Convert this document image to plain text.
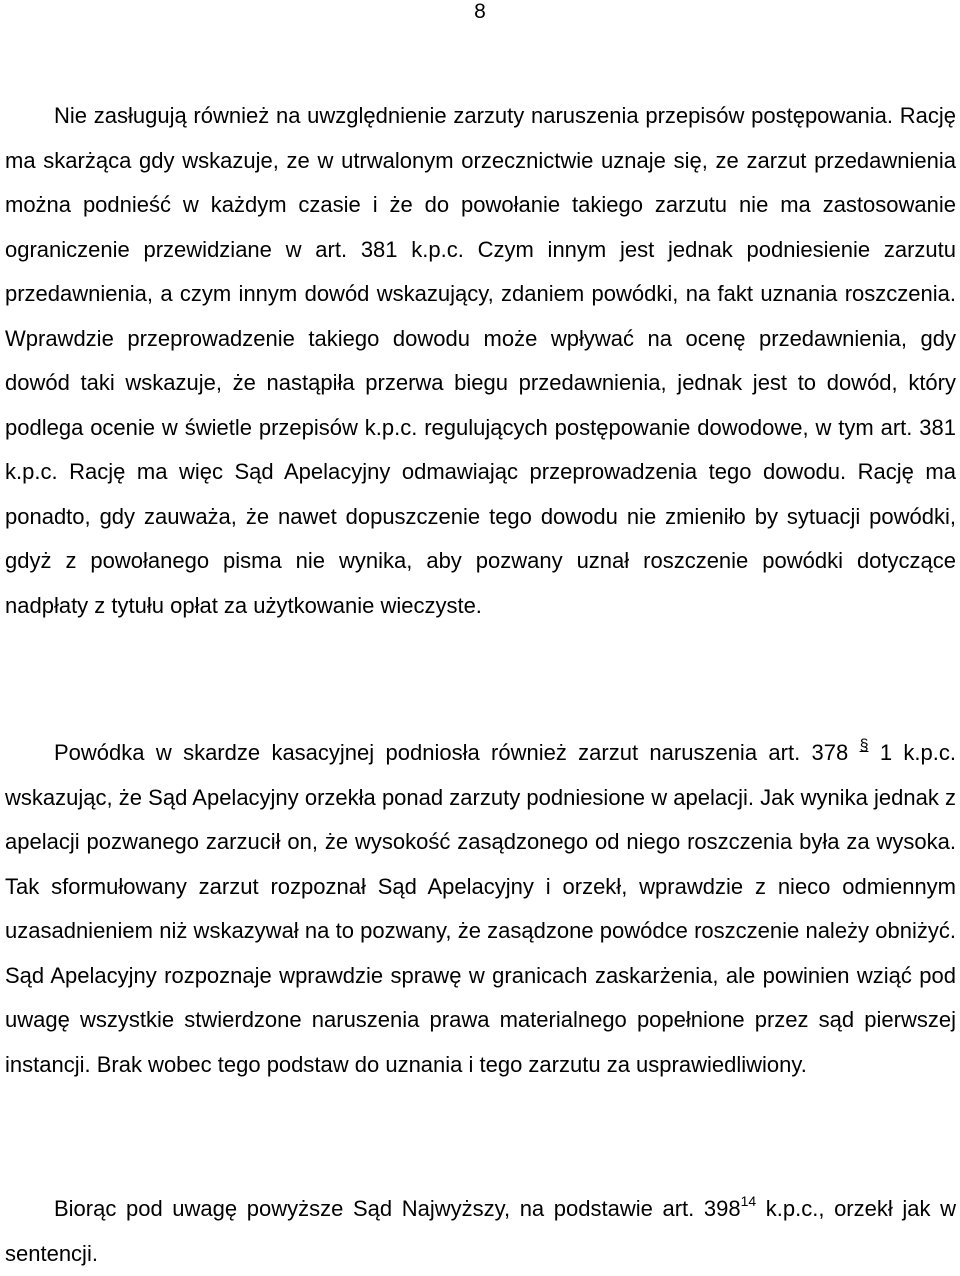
8

Nie zasługują również na uwzględnienie zarzuty naruszenia przepisów postępowania. Rację ma skarżąca gdy wskazuje, ze w utrwalonym orzecznictwie uznaje się, ze zarzut przedawnienia można podnieść w każdym czasie i że do powołanie takiego zarzutu nie ma zastosowanie ograniczenie przewidziane w art. 381 k.p.c. Czym innym jest jednak podniesienie zarzutu przedawnienia, a czym innym dowód wskazujący, zdaniem powódki, na fakt uznania roszczenia. Wprawdzie przeprowadzenie takiego dowodu może wpływać na ocenę przedawnienia, gdy dowód taki wskazuje, że nastąpiła przerwa biegu przedawnienia, jednak jest to dowód, który podlega ocenie w świetle przepisów k.p.c. regulujących postępowanie dowodowe, w tym art. 381 k.p.c. Rację ma więc Sąd Apelacyjny odmawiając przeprowadzenia tego dowodu. Rację ma ponadto, gdy zauważa, że nawet dopuszczenie tego dowodu nie zmieniło by sytuacji powódki, gdyż z powołanego pisma nie wynika, aby pozwany uznał roszczenie powódki dotyczące nadpłaty z tytułu opłat za użytkowanie wieczyste.

Powódka w skardze kasacyjnej podniosła również zarzut naruszenia art. 378 § 1 k.p.c. wskazując, że Sąd Apelacyjny orzekła ponad zarzuty podniesione w apelacji. Jak wynika jednak z apelacji pozwanego zarzucił on, że wysokość zasądzonego od niego roszczenia była za wysoka. Tak sformułowany zarzut rozpoznał Sąd Apelacyjny i orzekł, wprawdzie z nieco odmiennym uzasadnieniem niż wskazywał na to pozwany, że zasądzone powódce roszczenie należy obniżyć. Sąd Apelacyjny rozpoznaje wprawdzie sprawę w granicach zaskarżenia, ale powinien wziąć pod uwagę wszystkie stwierdzone naruszenia prawa materialnego popełnione przez sąd pierwszej instancji. Brak wobec tego podstaw do uznania i tego zarzutu za usprawiedliwiony.

Biorąc pod uwagę powyższe Sąd Najwyższy, na podstawie art. $398^{14}$ k.p.c., orzekł jak w sentencji.
